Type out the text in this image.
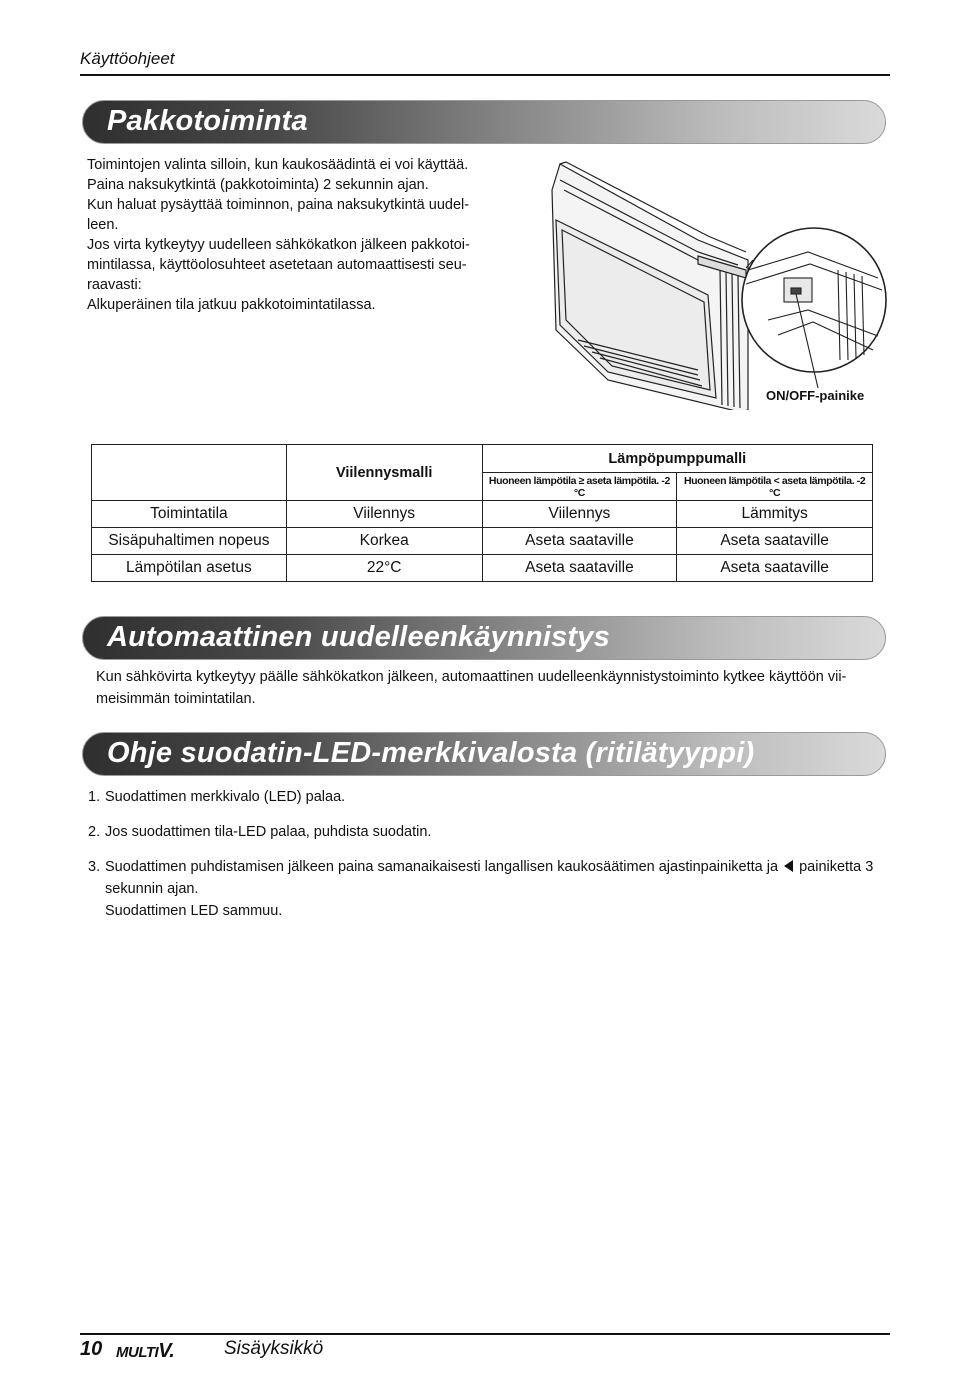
Käyttöohjeet
Pakkotoiminta

Toimintojen valinta silloin, kun kaukosäädintä ei voi käyttää.

Paina naksukytkintä (pakkotoiminta) 2 sekunnin ajan.

Kun haluat pysäyttää toiminnon, paina naksukytkintä uudel-

leen.

Jos virta kytkeytyy uudelleen sähkökatkon jälkeen pakkotoi-

mintilassa, käyttöolosuhteet asetetaan automaattisesti seu-

raavasti:

Alkuperäinen tila jatkuu pakkotoimintatilassa.

ON/OFF-painike
	Viilennysmalli	Lämpöpumppumalli	
		Huoneen lämpötila ≥ aseta lämpötila. -2 °C	Huoneen lämpötila < aseta lämpötila. -2 °C
Toimintatila	Viilennys	Viilennys	Lämmitys
Sisäpuhaltimen nopeus	Korkea	Aseta saataville	Aseta saataville
Lämpötilan asetus	22°C	Aseta saataville	Aseta saataville
Automaattinen uudelleenkäynnistys
Kun sähkövirta kytkeytyy päälle sähkökatkon jälkeen, automaattinen uudelleenkäynnistystoiminto kytkee käyttöön vii-
meisimmän toimintatilan.
Ohje suodatin-LED-merkkivalosta (ritilätyyppi)
1. Suodattimen merkkivalo (LED) palaa.
2. Jos suodattimen tila-LED palaa, puhdista suodatin.
3. Suodattimen puhdistamisen jälkeen paina samanaikaisesti langallisen kaukosäätimen ajastinpainiketta ja painiketta 3
sekunnin ajan.
Suodattimen LED sammuu.
10 MULTIV.	Sisäyksikkö
